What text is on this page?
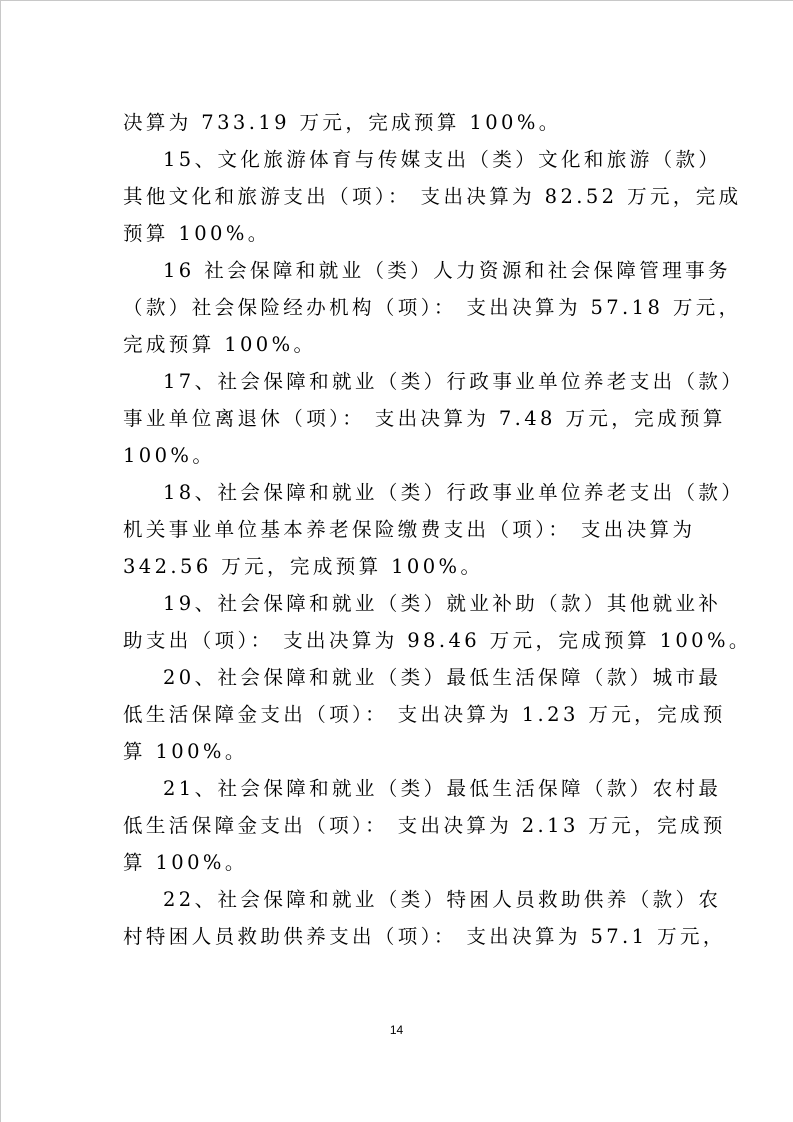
决算为 733.19 万元，完成预算 100%。
15、文化旅游体育与传媒支出（类）文化和旅游（款）
其他文化和旅游支出（项）： 支出决算为 82.52 万元，完成
预算 100%。
16 社会保障和就业（类）人力资源和社会保障管理事务
（款）社会保险经办机构（项）： 支出决算为 57.18 万元，
完成预算 100%。
17、社会保障和就业（类）行政事业单位养老支出（款）
事业单位离退休（项）： 支出决算为 7.48 万元，完成预算
100%。
18、社会保障和就业（类）行政事业单位养老支出（款）
机关事业单位基本养老保险缴费支出（项）： 支出决算为
342.56 万元，完成预算 100%。
19、社会保障和就业（类）就业补助（款）其他就业补
助支出（项）： 支出决算为 98.46 万元，完成预算 100%。
20、社会保障和就业（类）最低生活保障（款）城市最
低生活保障金支出（项）： 支出决算为 1.23 万元，完成预
算 100%。
21、社会保障和就业（类）最低生活保障（款）农村最
低生活保障金支出（项）： 支出决算为 2.13 万元，完成预
算 100%。
22、社会保障和就业（类）特困人员救助供养（款）农
村特困人员救助供养支出（项）： 支出决算为 57.1 万元，
14
